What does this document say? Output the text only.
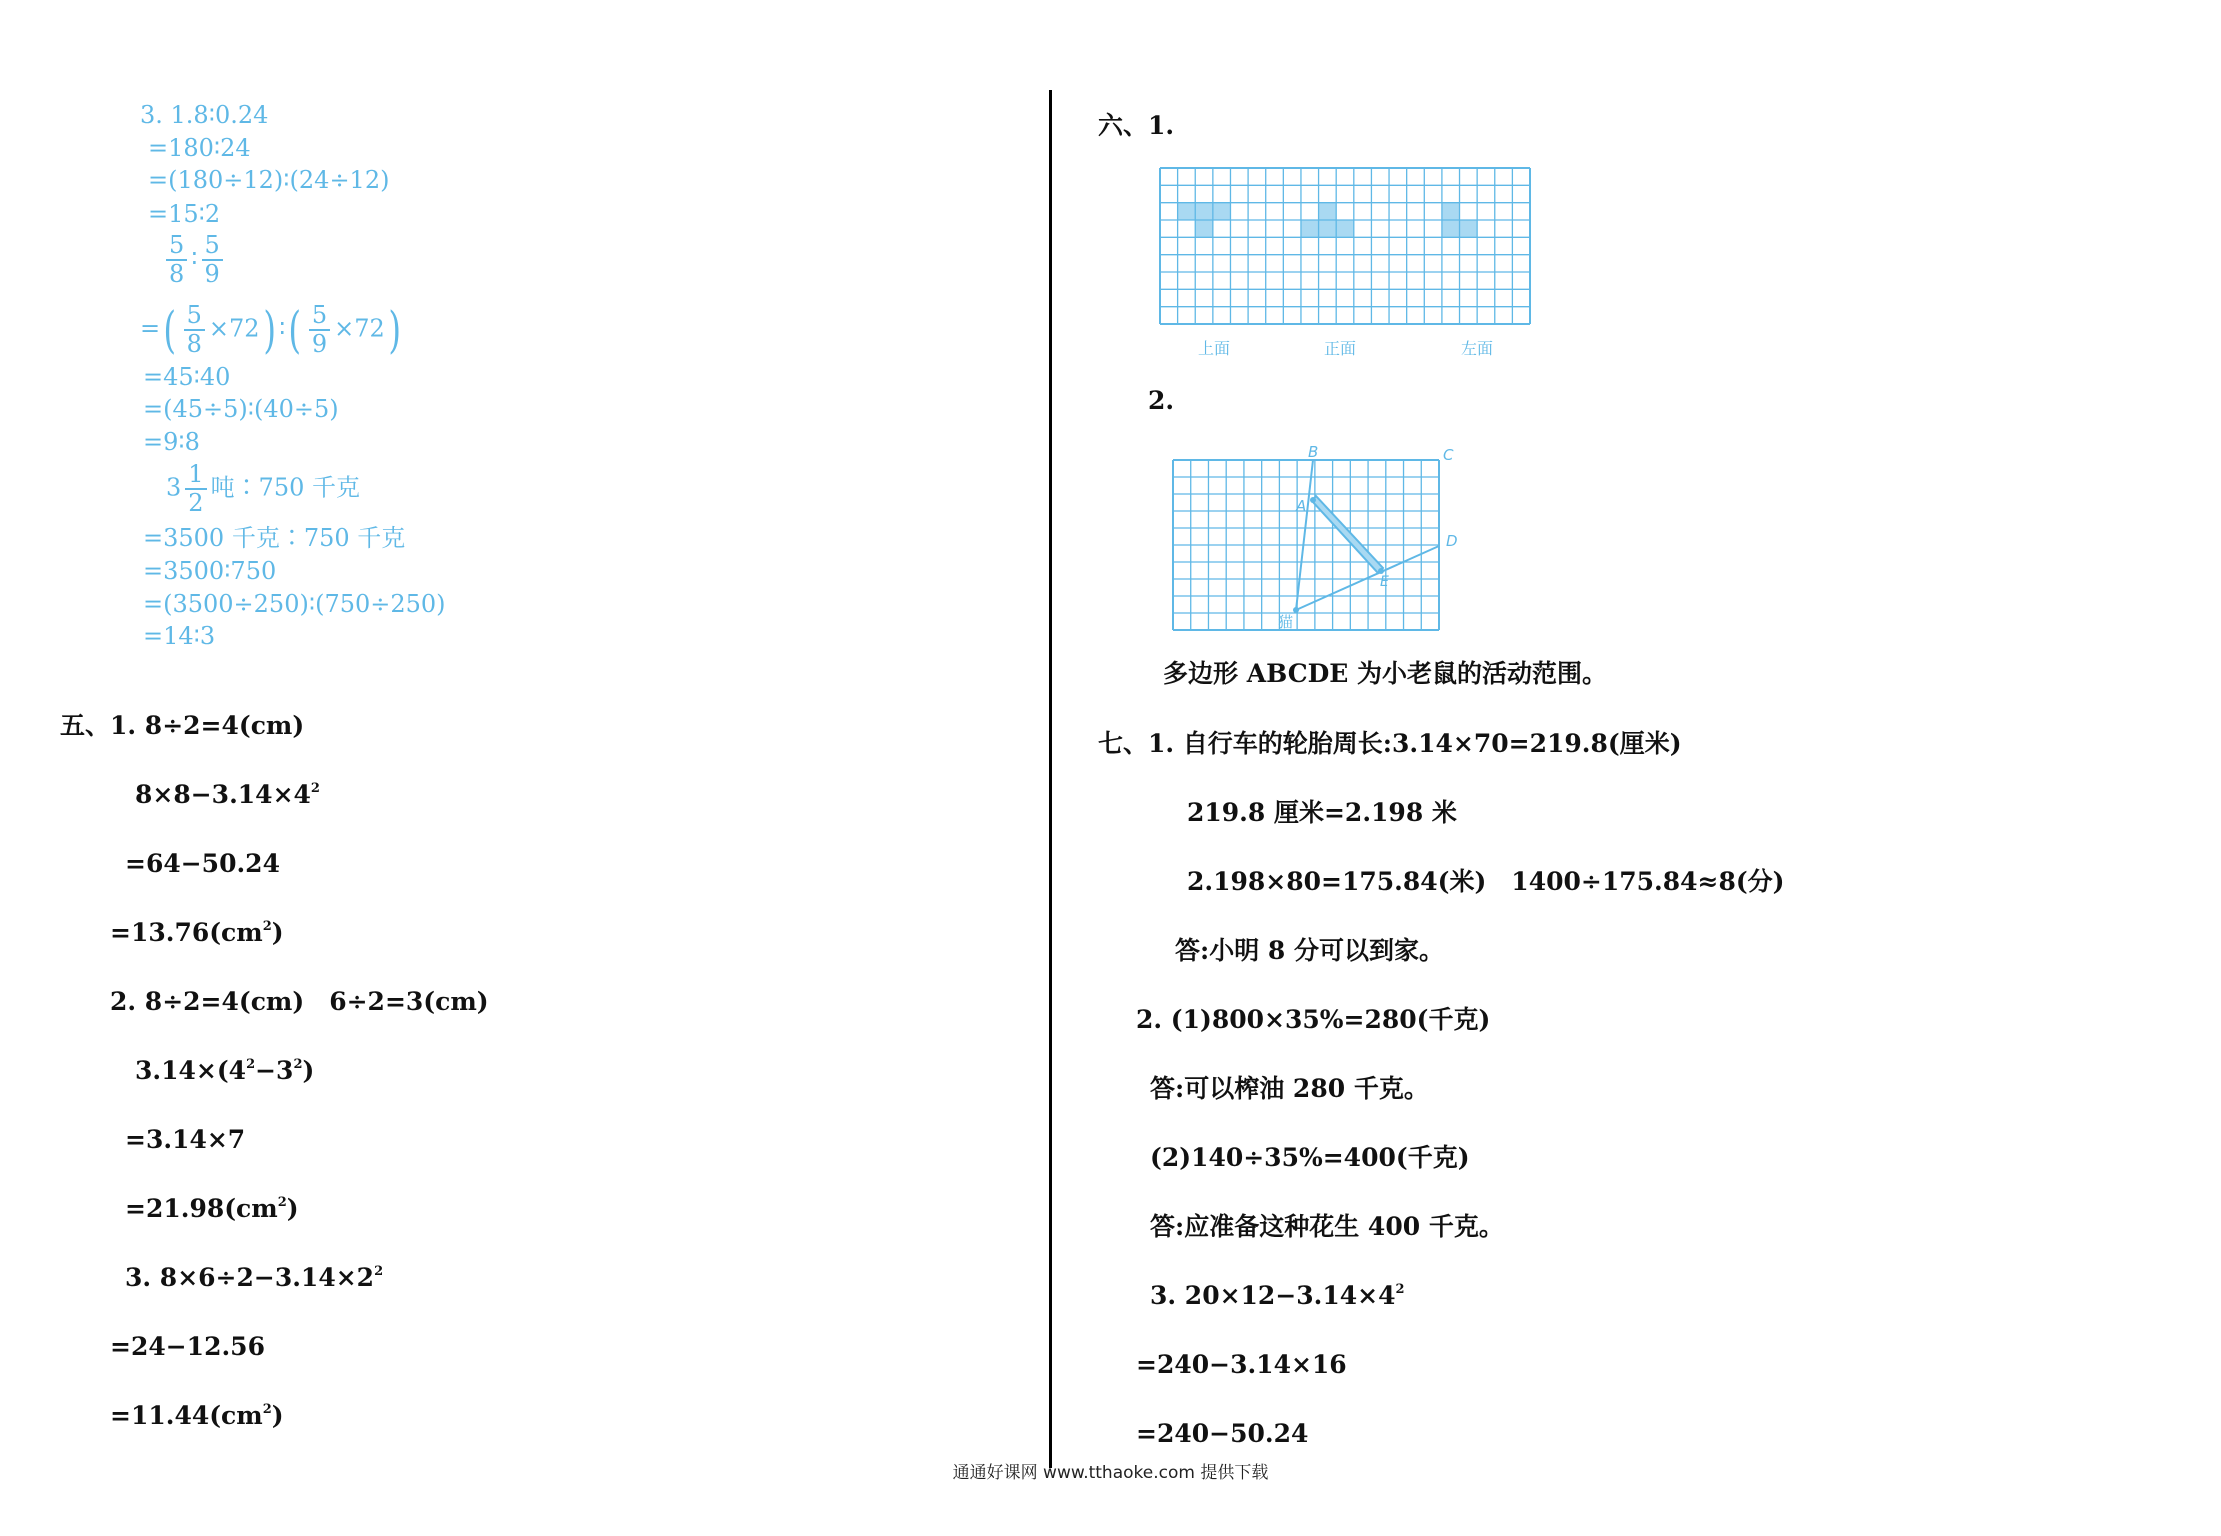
3. 1.8∶0.24
=180∶24
=(180÷12)∶(24÷12)
=15∶2
$\frac{5}{8}$ ∶ $\frac{5}{9}$
=( $\frac{5}{8} \times 72$) ∶( $\frac{5}{9} \times 72$)
=45∶40
=(45÷5)∶(40÷5)
=9∶8
$3 \frac{1}{2}$ 吨∶750 千克
=3500 千克∶750 千克
=3500∶750
=(3500÷250)∶(750÷250)
=14∶3
五、1. 8÷2=4(cm)
$8\times 8-3.14\times 4^2$
=64−50.24
$=13.76(cm^2)$
2. 8÷2=4(cm)　6÷2=3(cm)
$3.14\times(4^2-3^2)$
=3.14×7
$=21.98(cm^2)$
3. $8\times 6\div 2-3.14\times 2^2$
=24−12.56
$=11.44(cm^2)$
六、1.
上面	正面	左面
2.
B	C
A
D
E
猫
多边形 ABCDE 为小老鼠的活动范围。
七、1. 自行车的轮胎周长:3.14×70=219.8(厘米)
219.8 厘米=2.198 米
2.198×80=175.84(米)　1400÷175.84≈8(分)
答:小明 8 分可以到家。
2. (1)800×35%=280(千克)
答:可以榨油 280 千克。
(2)140÷35%=400(千克)
答:应准备这种花生 400 千克。
3. $20\times 12-3.14\times 4^2$
=240−3.14×16
=240−50.24
通通好课网 www.tthaoke.com 提供下载
